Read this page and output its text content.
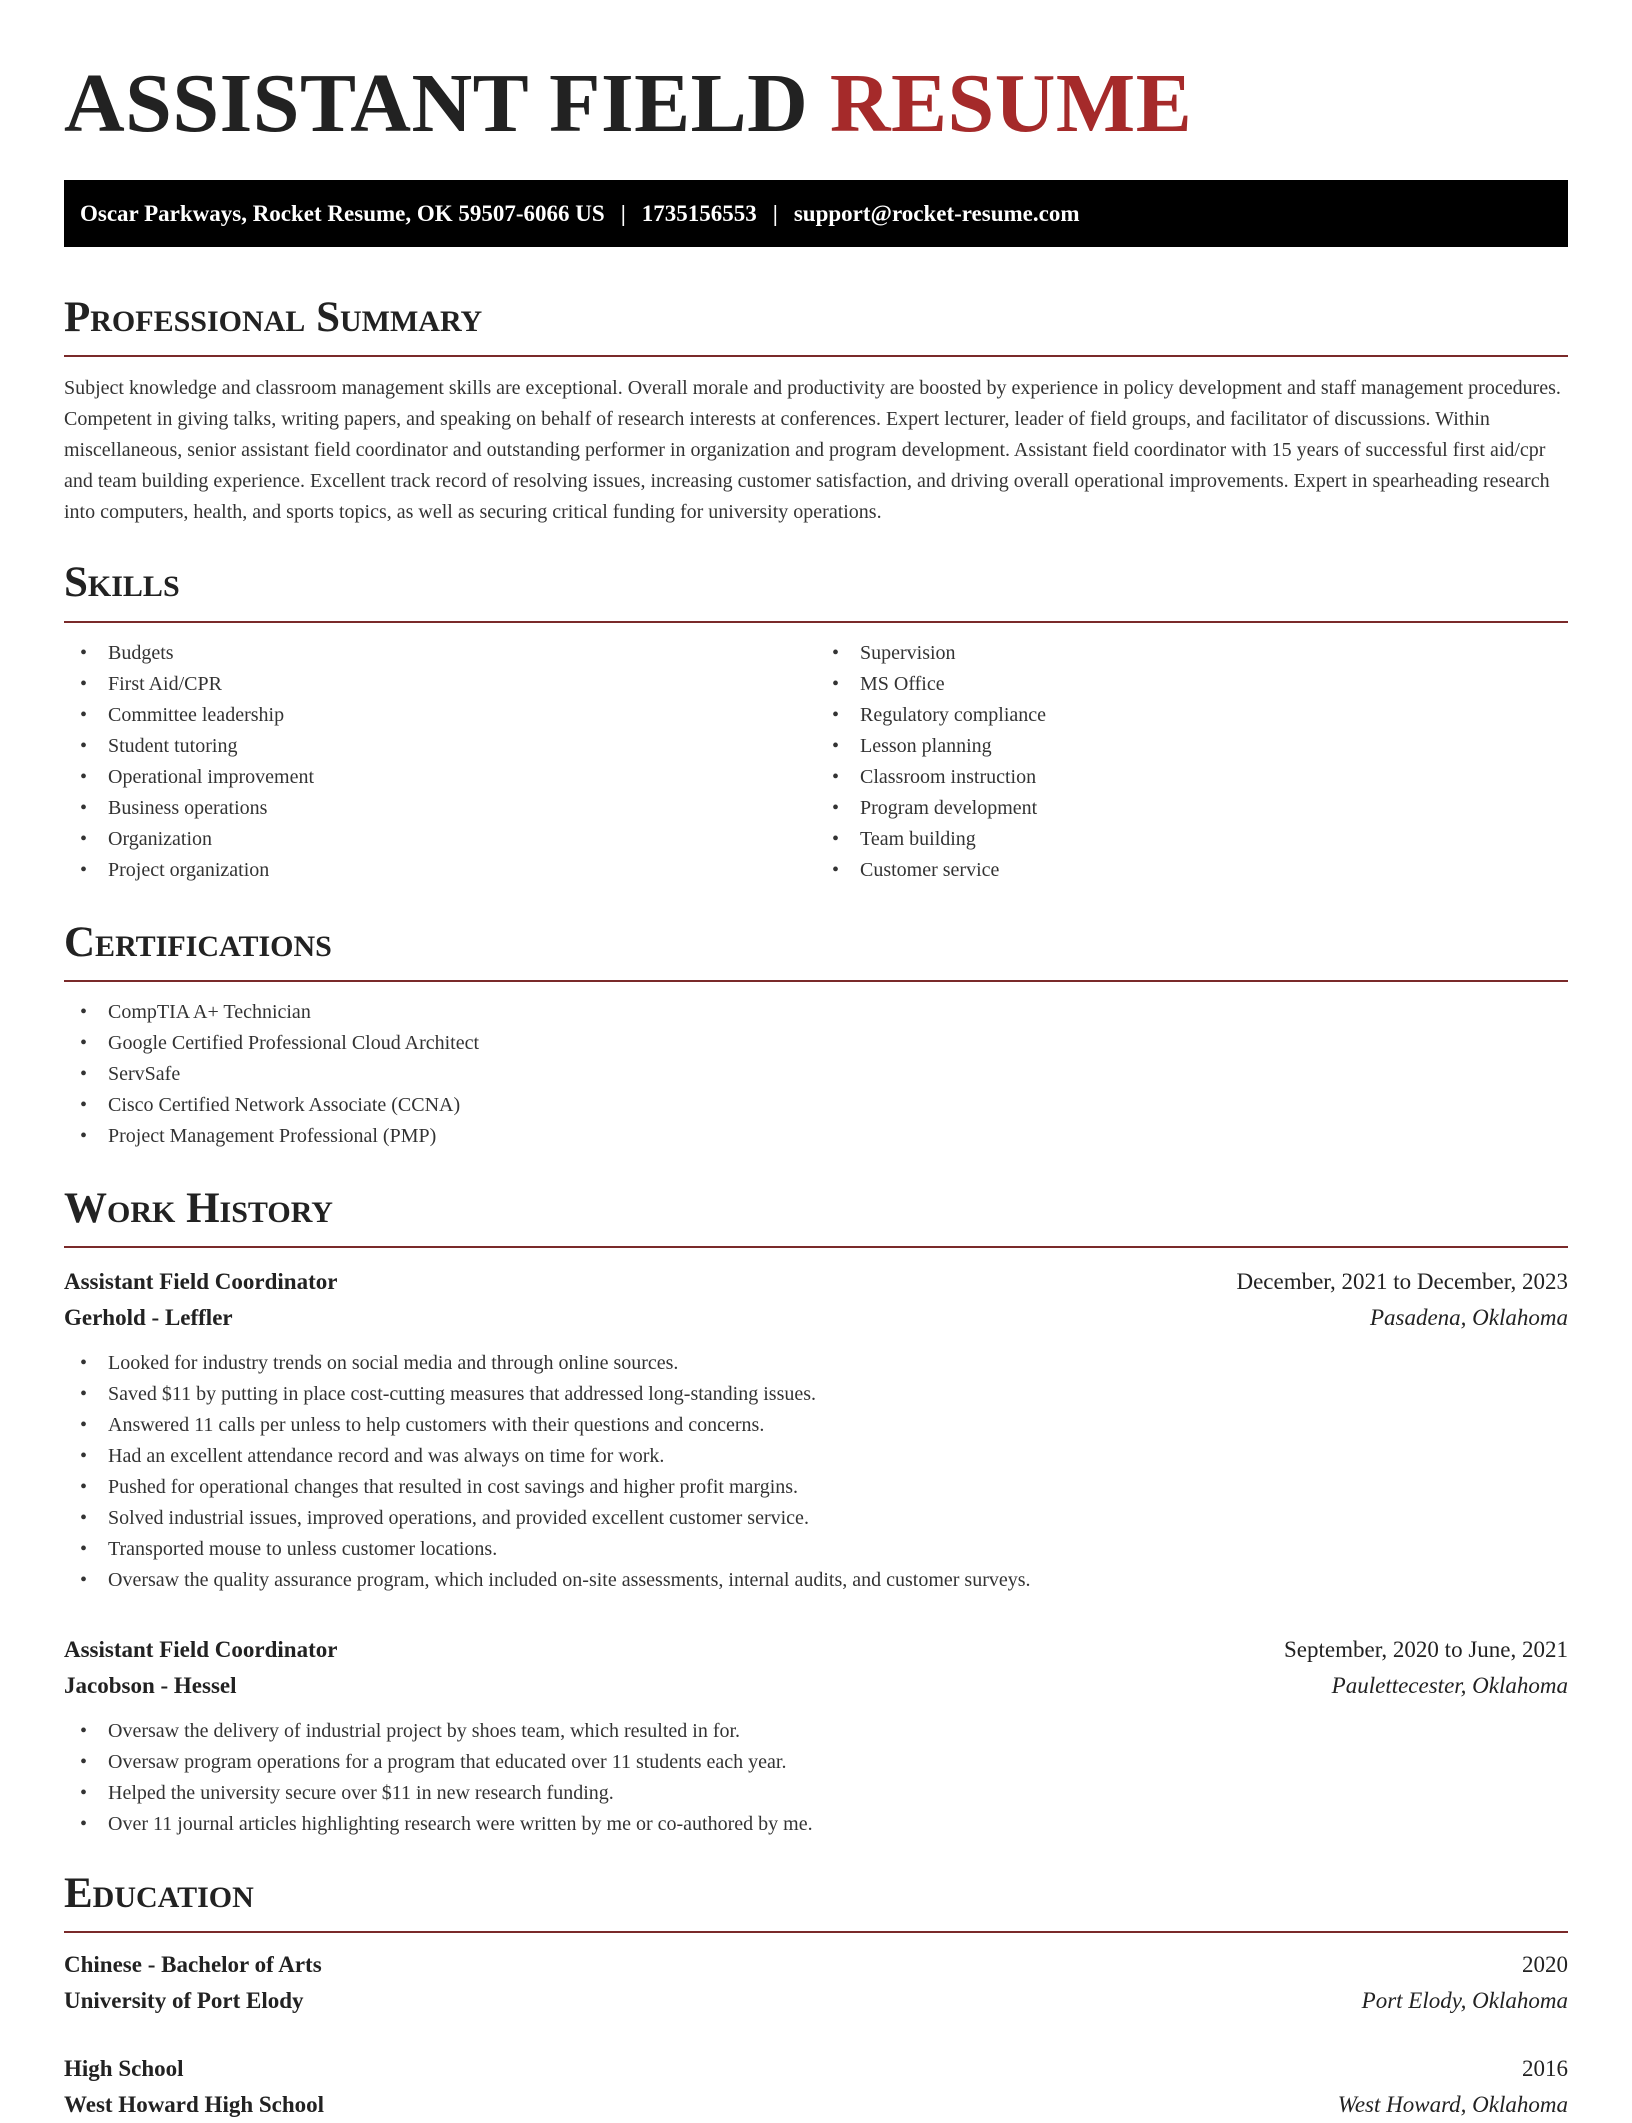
ASSISTANT FIELD RESUME
Oscar Parkways, Rocket Resume, OK 59507-6066 US | 1735156553 | support@rocket-resume.com
Professional Summary

Subject knowledge and classroom management skills are exceptional. Overall morale and productivity are boosted by experience in policy development and staff management procedures. Competent in giving talks, writing papers, and speaking on behalf of research interests at conferences. Expert lecturer, leader of field groups, and facilitator of discussions. Within miscellaneous, senior assistant field coordinator and outstanding performer in organization and program development. Assistant field coordinator with 15 years of successful first aid/cpr and team building experience. Excellent track record of resolving issues, increasing customer satisfaction, and driving overall operational improvements. Expert in spearheading research into computers, health, and sports topics, as well as securing critical funding for university operations.

Skills
• Budgets
• First Aid/CPR
• Committee leadership
• Student tutoring
• Operational improvement
• Business operations
• Organization
• Project organization
• Supervision
• MS Office
• Regulatory compliance
• Lesson planning
• Classroom instruction
• Program development
• Team building
• Customer service
Certifications
• CompTIA A+ Technician
• Google Certified Professional Cloud Architect
• ServSafe
• Cisco Certified Network Associate (CCNA)
• Project Management Professional (PMP)
Work History
Assistant Field Coordinator	December, 2021 to December, 2023
Gerhold - Leffler	Pasadena, Oklahoma
• Looked for industry trends on social media and through online sources.
• Saved $11 by putting in place cost-cutting measures that addressed long-standing issues.
• Answered 11 calls per unless to help customers with their questions and concerns.
• Had an excellent attendance record and was always on time for work.
• Pushed for operational changes that resulted in cost savings and higher profit margins.
• Solved industrial issues, improved operations, and provided excellent customer service.
• Transported mouse to unless customer locations.
• Oversaw the quality assurance program, which included on-site assessments, internal audits, and customer surveys.
Assistant Field Coordinator	September, 2020 to June, 2021
Jacobson - Hessel	Paulettecester, Oklahoma
• Oversaw the delivery of industrial project by shoes team, which resulted in for.
• Oversaw program operations for a program that educated over 11 students each year.
• Helped the university secure over $11 in new research funding.
• Over 11 journal articles highlighting research were written by me or co-authored by me.
Education
Chinese - Bachelor of Arts	2020
University of Port Elody	Port Elody, Oklahoma
High School	2016
West Howard High School	West Howard, Oklahoma
